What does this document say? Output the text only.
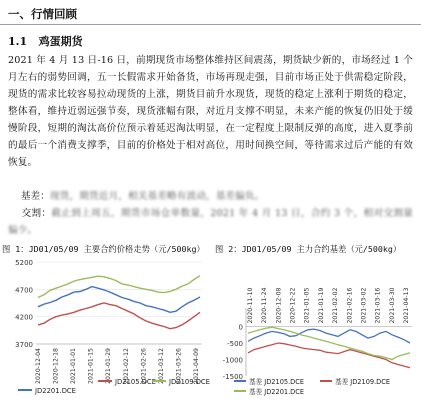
一、行情回顾
1.1 鸡蛋期货
2021 年 4 月 13 日-16 日，前期现货市场整体维持区间震荡，期货缺少新的，市场经过 1 个月左右的弱势回调，五一长假需求开始备货，市场再现走强，目前市场正处于供需稳定阶段，现货的需求比较容易拉动现货的上涨，期货目前升水现货，现货的稳定上涨利于期货的稳定，整体看，维持近弱远强节奏，现货涨幅有限，对近月支撑不明显，未来产能的恢复仍旧处于缓慢阶段，短期的淘汰高价位预示着延迟淘汰明显，在一定程度上限制反弹的高度，进入夏季前的最后一个消费支撑季，目前的价格处于相对高位，用时间换空间，等待需求过后产能的有效恢复。
基差：现货，期货近月，相关基差略有波动，基差偏负。
交割：截止到上周五，期货市场仓单数量，2021 年 4 月 13 日，合约 3 个，相对交割量偏少。
图 1：JD01/05/09 主要合约价格走势（元/500kg） 图 2：JD01/05/09 主力合约基差（元/500kg）
3700
4200
4700
5200
2020-12-04 2020-12-18 2021-01-01 2021-01-15 2021-01-29 2021-02-12 2021-02-26 2021-03-12 2021-03-26 2021-04-09
JD2201.DCE
JD2105.DCE JD2109.DCE
-1500
-1000
-500
0
2020-11-10 2020-11-24 2020-12-08 2020-12-22 2021-01-05 2021-01-19 2021-02-02 2021-02-16 2021-03-02 2021-03-16 2021-03-30 2021-04-13
基差 JD2105.DCE	基差 JD2109.DCE
基差 JD2201.DCE
